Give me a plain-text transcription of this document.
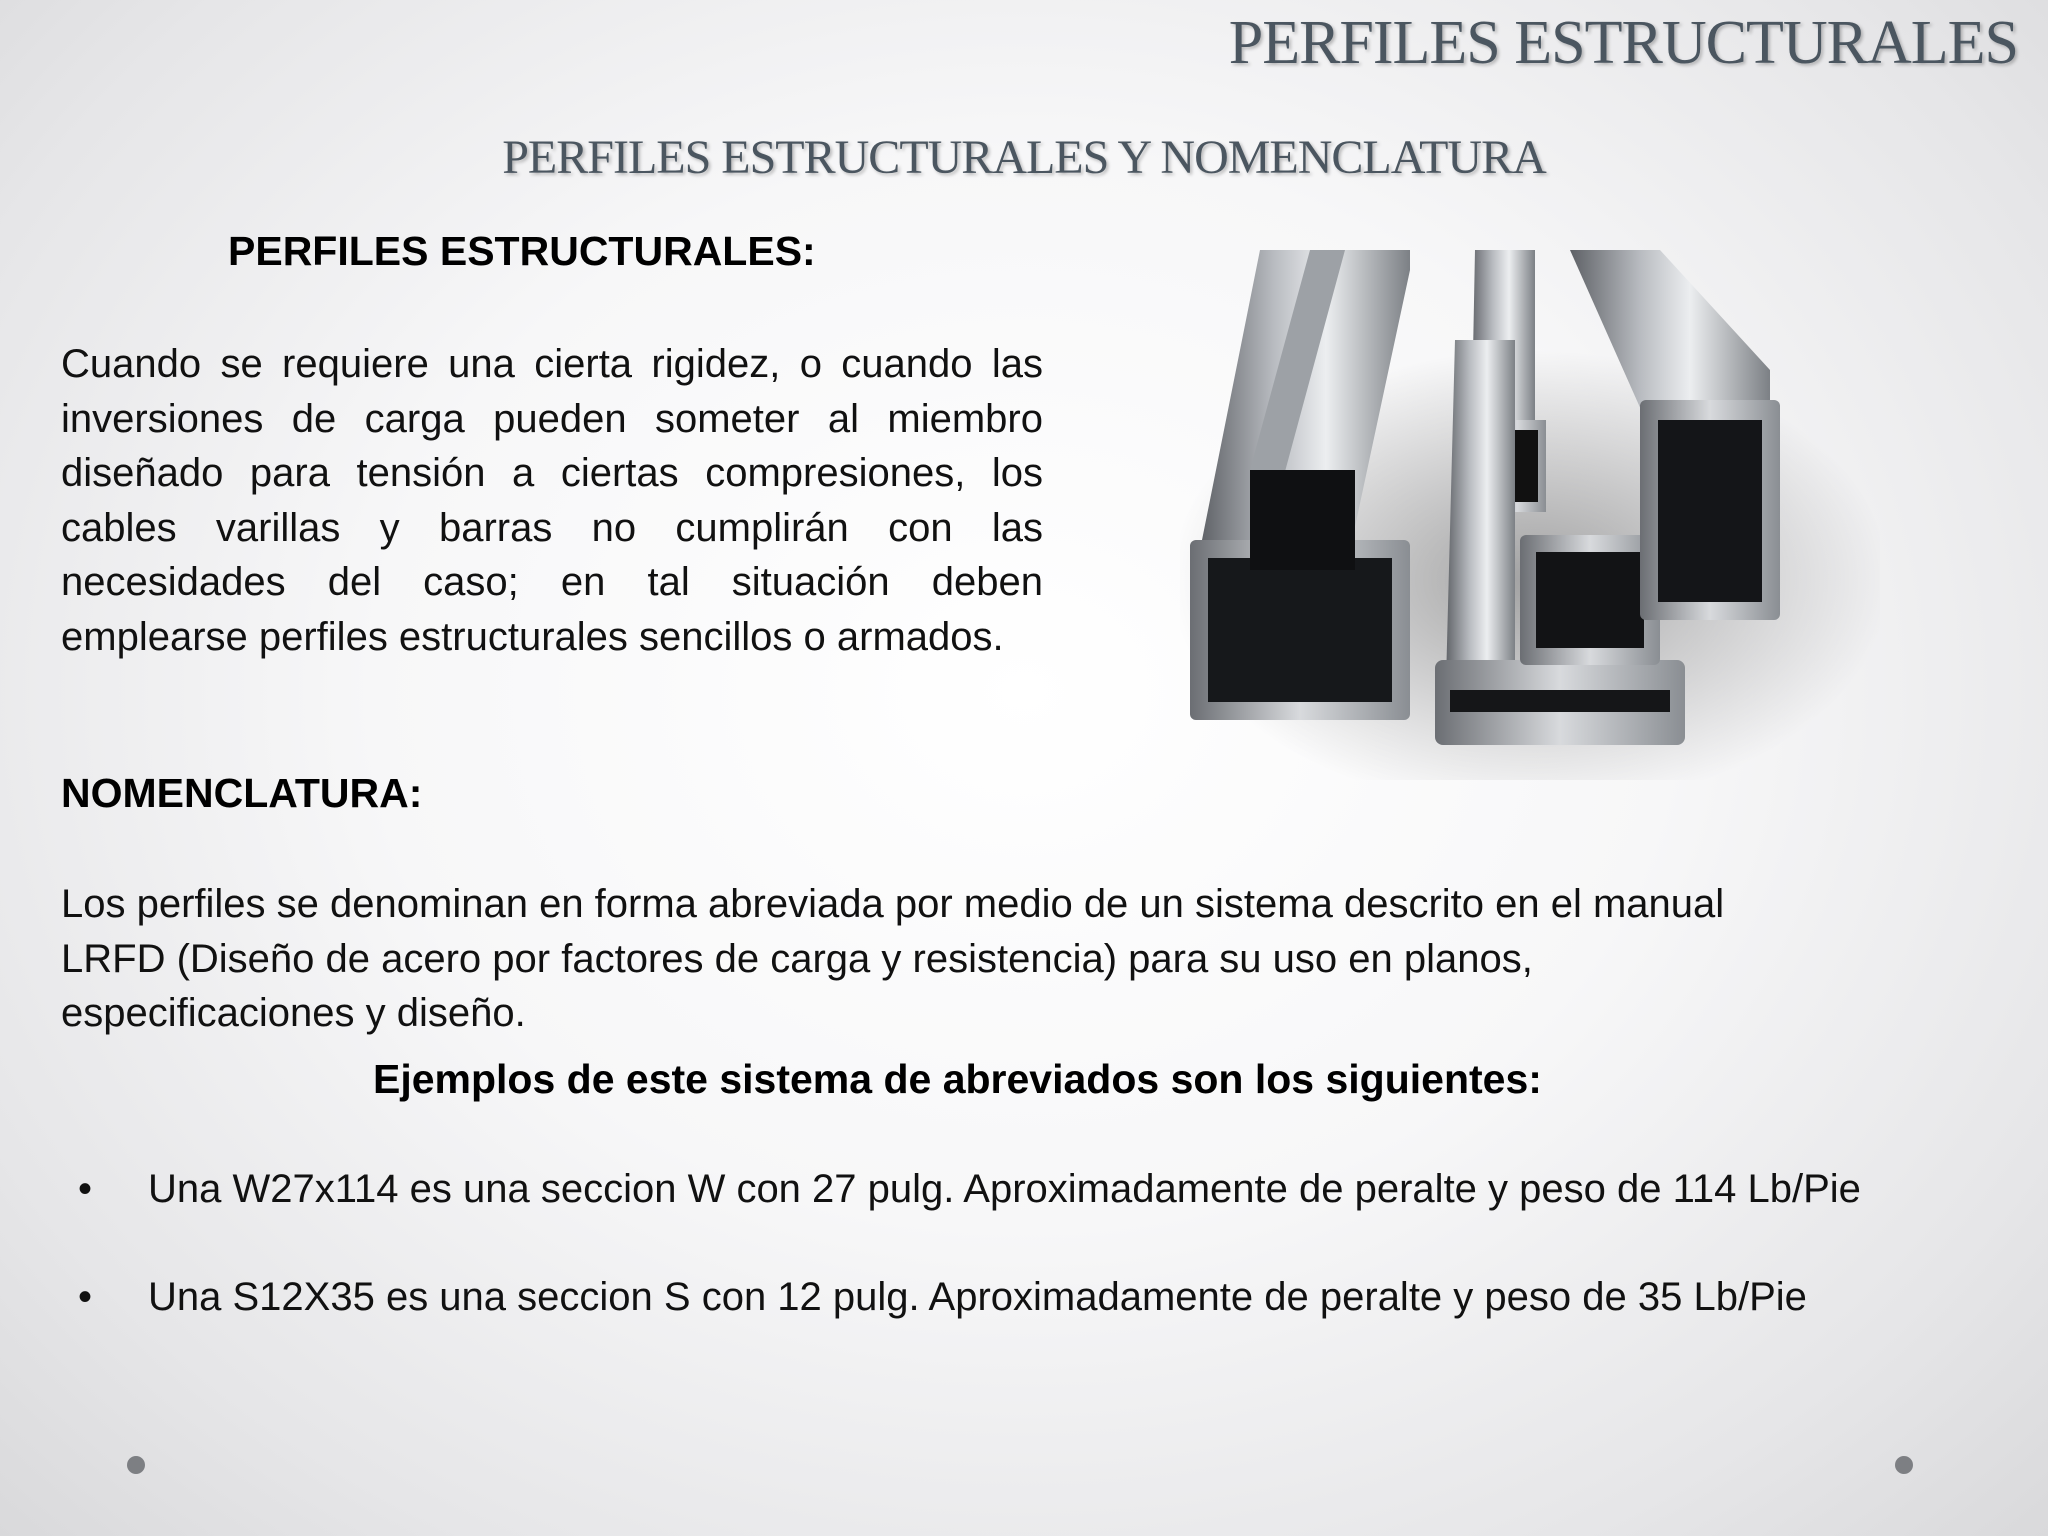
PERFILES ESTRUCTURALES
PERFILES ESTRUCTURALES Y NOMENCLATURA
PERFILES ESTRUCTURALES:
Cuando se requiere una cierta rigidez, o cuando las inversiones de carga pueden someter al miembro diseñado para tensión a ciertas compresiones, los cables varillas y barras no cumplirán con las necesidades del caso; en tal situación deben emplearse perfiles estructurales sencillos o armados.
NOMENCLATURA:
Los perfiles se denominan en forma abreviada por medio de un sistema descrito en el manual LRFD (Diseño de acero por factores de carga y resistencia) para su uso en planos, especificaciones y diseño.
Ejemplos de este sistema de abreviados son los siguientes:
• Una W27x114 es una seccion W con 27 pulg. Aproximadamente de peralte y peso de 114 Lb/Pie
• Una S12X35 es una seccion S con 12 pulg. Aproximadamente de peralte y peso de 35 Lb/Pie
